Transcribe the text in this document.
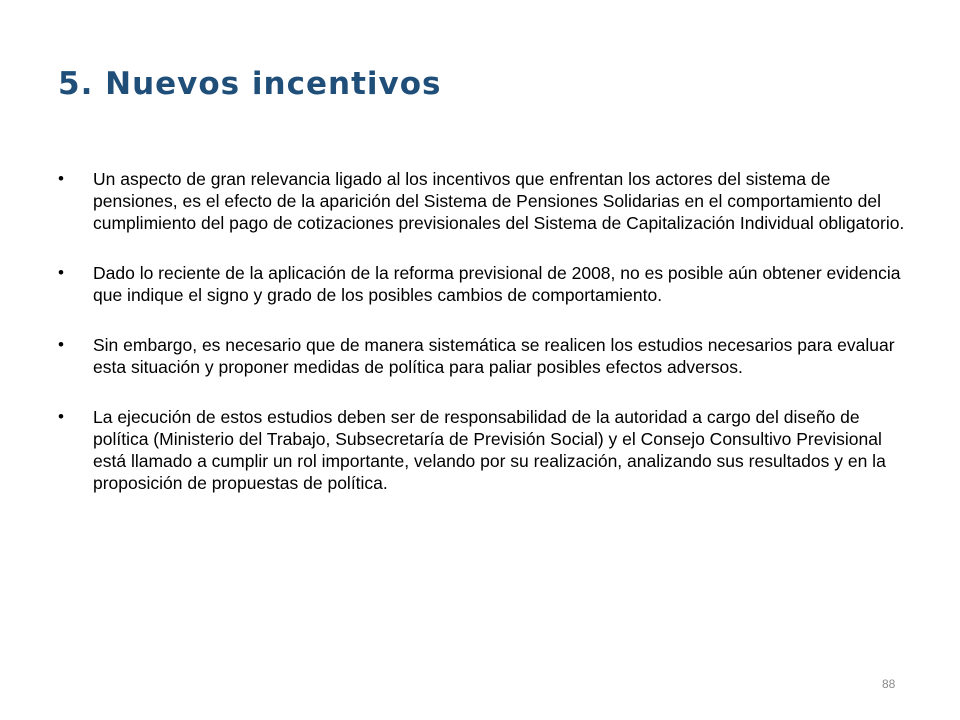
5. Nuevos incentivos
• Un aspecto de gran relevancia ligado al los incentivos que enfrentan los actores del sistema de pensiones, es el efecto de la aparición del Sistema de Pensiones Solidarias en el comportamiento del cumplimiento del pago de cotizaciones previsionales del Sistema de Capitalización Individual obligatorio.
• Dado lo reciente de la aplicación de la reforma previsional de 2008, no es posible aún obtener evidencia que indique el signo y grado de los posibles cambios de comportamiento.
• Sin embargo, es necesario que de manera sistemática se realicen los estudios necesarios para evaluar esta situación y proponer medidas de política para paliar posibles efectos adversos.
• La ejecución de estos estudios deben ser de responsabilidad de la autoridad a cargo del diseño de política (Ministerio del Trabajo, Subsecretaría de Previsión Social) y el Consejo Consultivo Previsional está llamado a cumplir un rol importante, velando por su realización, analizando sus resultados y en la proposición de propuestas de política.
88
